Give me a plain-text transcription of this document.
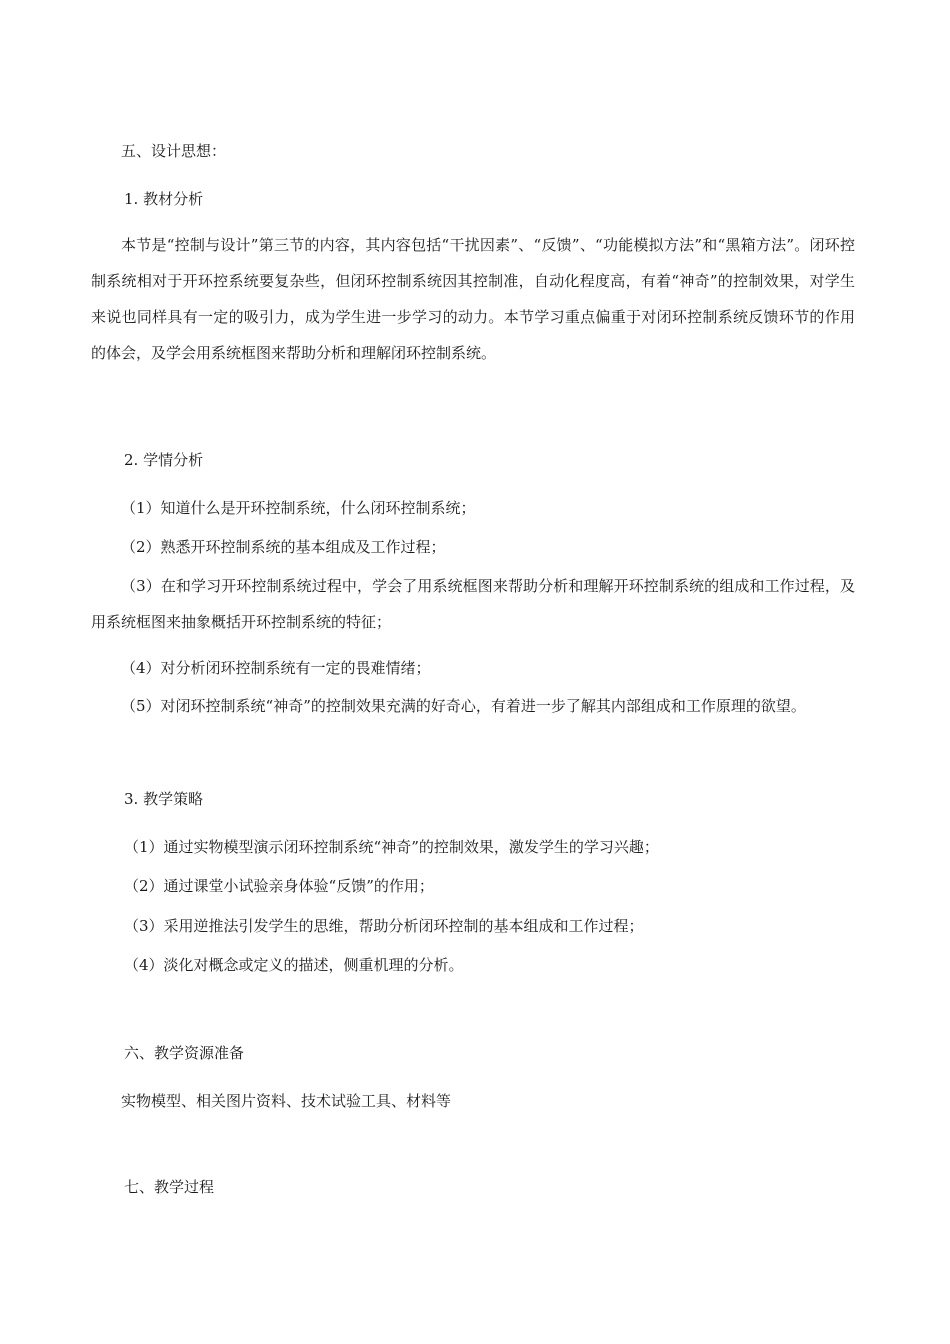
五、设计思想：
1. 教材分析
本节是“控制与设计”第三节的内容，其内容包括“干扰因素”、“反馈”、“功能模拟方法”和“黑箱方法”。闭环控制系统相对于开环控系统要复杂些，但闭环控制系统因其控制准，自动化程度高，有着“神奇”的控制效果，对学生来说也同样具有一定的吸引力，成为学生进一步学习的动力。本节学习重点偏重于对闭环控制系统反馈环节的作用的体会，及学会用系统框图来帮助分析和理解闭环控制系统。
2. 学情分析
（1）知道什么是开环控制系统，什么闭环控制系统；
（2）熟悉开环控制系统的基本组成及工作过程；
（3）在和学习开环控制系统过程中，学会了用系统框图来帮助分析和理解开环控制系统的组成和工作过程，及用系统框图来抽象概括开环控制系统的特征；
（4）对分析闭环控制系统有一定的畏难情绪；
（5）对闭环控制系统“神奇”的控制效果充满的好奇心，有着进一步了解其内部组成和工作原理的欲望。
3. 教学策略
（1）通过实物模型演示闭环控制系统“神奇”的控制效果，激发学生的学习兴趣；
（2）通过课堂小试验亲身体验“反馈”的作用；
（3）采用逆推法引发学生的思维，帮助分析闭环控制的基本组成和工作过程；
（4）淡化对概念或定义的描述，侧重机理的分析。
六、教学资源准备
实物模型、相关图片资料、技术试验工具、材料等
七、教学过程
